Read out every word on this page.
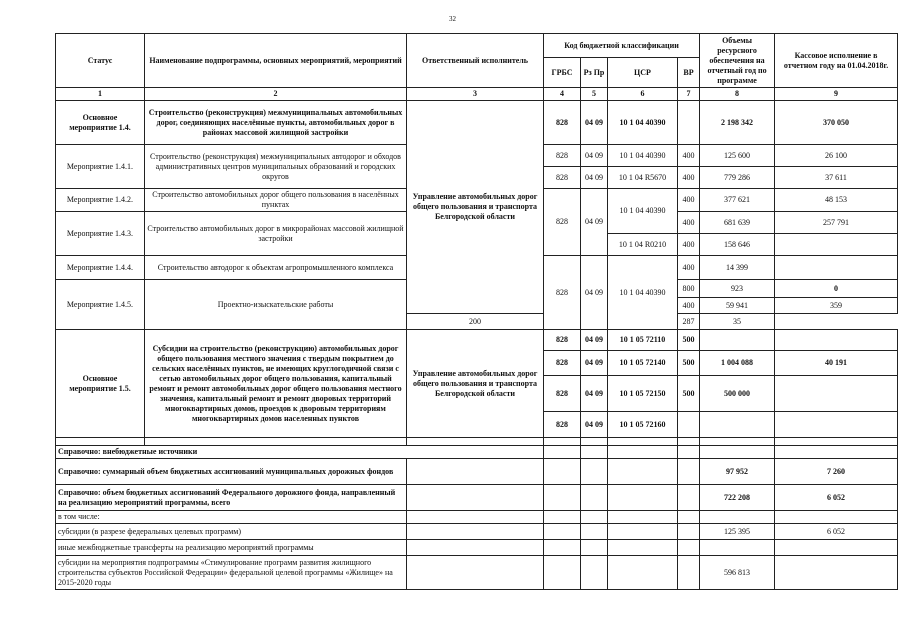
32
Статус	Наименование подпрограммы, основных мероприятий, мероприятий	Ответственный исполнитель	Код бюджетной классификации				Объемы ресурсного обеспечения на отчетный год по программе	Кассовое исполнение в отчетном году на 01.04.2018г.
			ГРБС	Рз Пр	ЦСР	ВР		
1	2	3	4	5	6	7	8	9
Основное мероприятие 1.4.	Строительство (реконструкция) межмуниципальных автомобильных дорог, соединяющих населённые пункты, автомобильных дорог в районах массовой жилищной застройки	Управление автомобильных дорог общего пользования и транспорта Белгородской области	828	04 09	10 1 04 40390		2 198 342	370 050
Мероприятие 1.4.1.	Строительство (реконструкция) межмуниципальных автодорог и обходов административных центров муниципальных образований и городских округов		828	04 09	10 1 04 40390	400	125 600	26 100
			828	04 09	10 1 04 R5670	400	779 286	37 611
Мероприятие 1.4.2.	Строительство автомобильных дорог общего пользования в населённых пунктах		828	04 09	10 1 04 40390	400	377 621	48 153
Мероприятие 1.4.3.	Строительство автомобильных дорог в микрорайонах массовой жилищной застройки					400	681 639	257 791
					10 1 04 R0210	400	158 646	
Мероприятие 1.4.4.	Строительство автодорог к объектам агропромышленного комплекса		828	04 09	10 1 04 40390	400	14 399	
Мероприятие 1.4.5.	Проектно-изыскательские работы					800	923	0
						400	59 941	359
		200				287	35	
Основное мероприятие 1.5.	Субсидии на строительство (реконструкцию) автомобильных дорог общего пользования местного значения с твердым покрытием до сельских населённых пунктов, не имеющих круглогодичной связи с сетью автомобильных дорог общего пользования, капитальный ремонт и ремонт автомобильных дорог общего пользования местного значения, капитальный ремонт и ремонт дворовых территорий многоквартирных домов, проездов к дворовым территориям многоквартирных домов населенных пунктов	Управление автомобильных дорог общего пользования и транспорта Белгородской области	828	04 09	10 1 05 72110	500		
			828	04 09	10 1 05 72140	500	1 004 088	40 191
			828	04 09	10 1 05 72150	500	500 000	
			828	04 09	10 1 05 72160			

Справочно: внебюджетные источники								
Справочно: суммарный объем бюджетных ассигнований муниципальных дорожных фондов							97 952	7 260
Справочно: объем бюджетных ассигнований Федерального дорожного фонда, направленный на реализацию мероприятий программы, всего							722 208	6 052
в том числе:								
субсидии (в разрезе федеральных целевых программ)							125 395	6 052
иные межбюджетные трансферты на реализацию мероприятий программы								
субсидии на мероприятия подпрограммы «Стимулирование программ развития жилищного строительства субъектов Российской Федерации» федеральной целевой программы «Жилище» на 2015-2020 годы							596 813	
